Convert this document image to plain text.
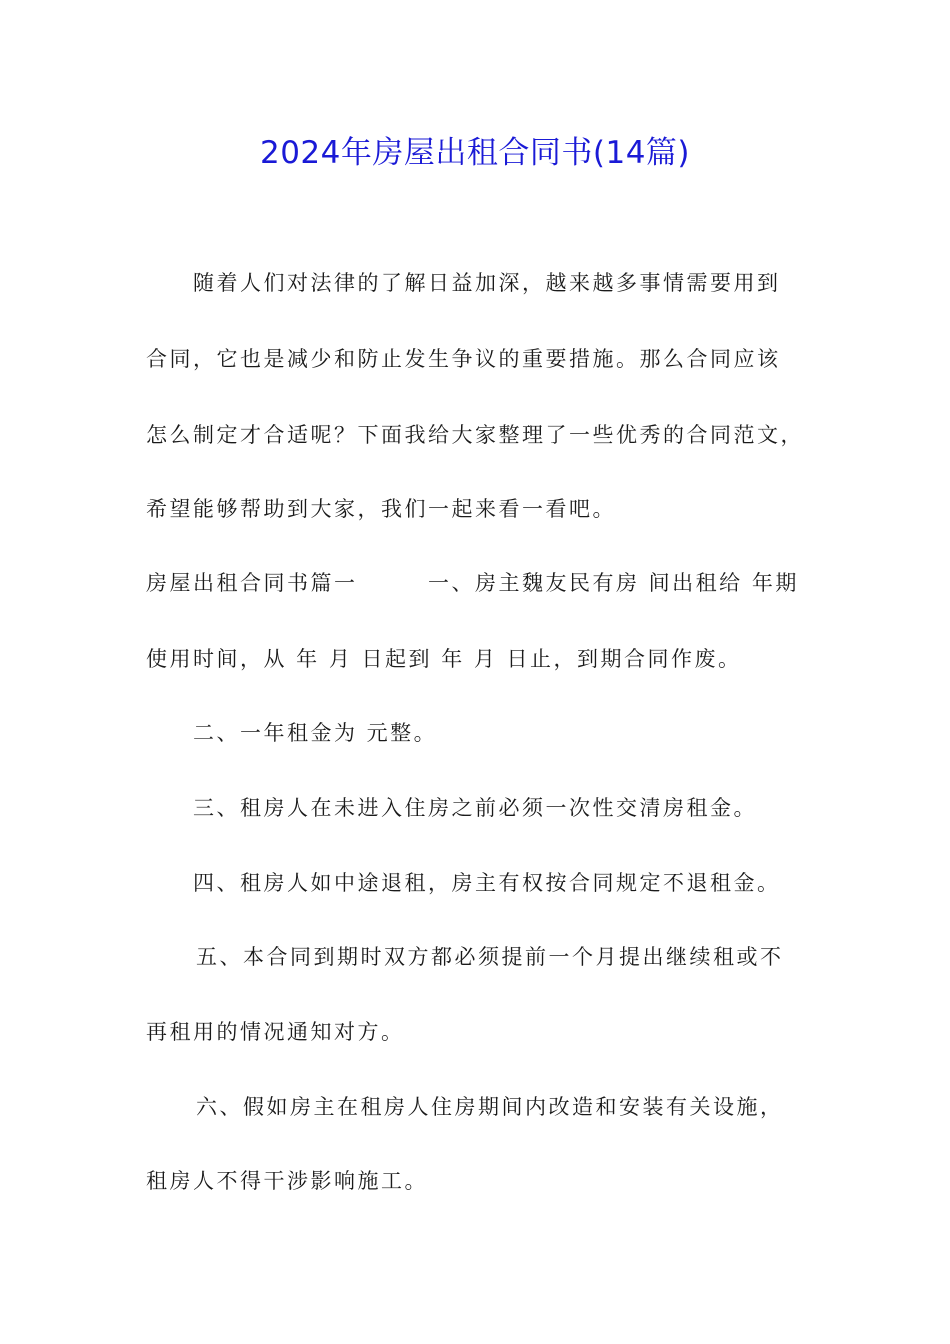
2024年房屋出租合同书(14篇)
随着人们对法律的了解日益加深，越来越多事情需要用到
合同，它也是减少和防止发生争议的重要措施。那么合同应该
怎么制定才合适呢？下面我给大家整理了一些优秀的合同范文，
希望能够帮助到大家，我们一起来看一看吧。
房屋出租合同书篇一　　　一、房主魏友民有房 间出租给 年期
使用时间，从 年 月 日起到 年 月 日止，到期合同作废。
二、一年租金为 元整。
三、租房人在未进入住房之前必须一次性交清房租金。
四、租房人如中途退租，房主有权按合同规定不退租金。
五、本合同到期时双方都必须提前一个月提出继续租或不
再租用的情况通知对方。
六、假如房主在租房人住房期间内改造和安装有关设施，
租房人不得干涉影响施工。
